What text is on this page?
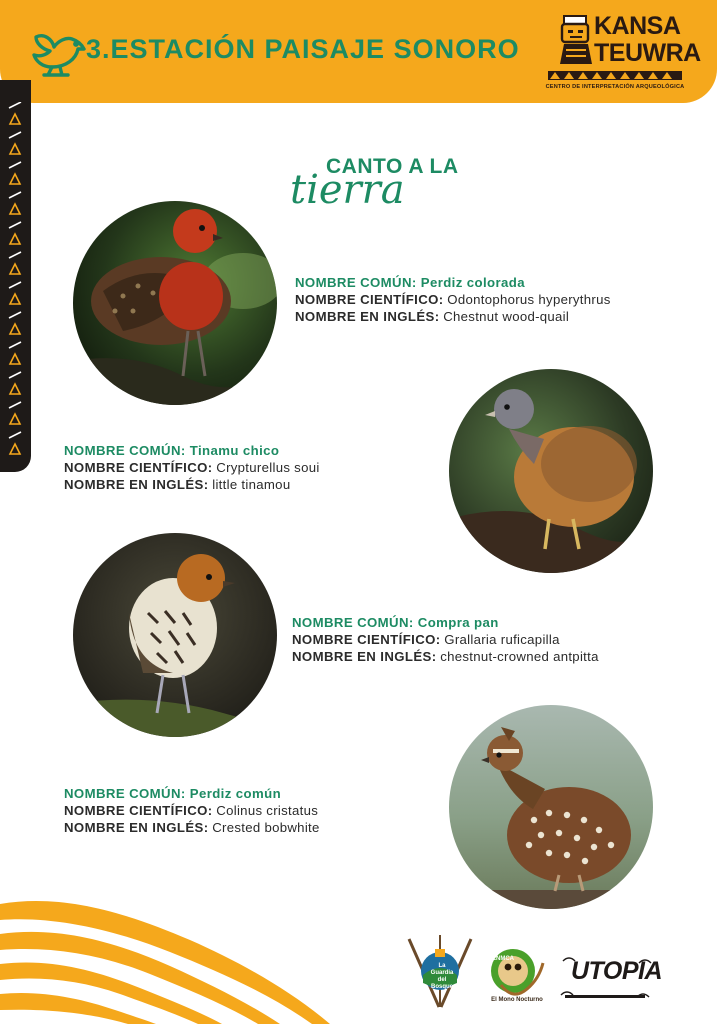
3.ESTACIÓN PAISAJE SONORO
KANSA
TEUWRA
CENTRO DE INTERPRETACIÓN ARQUEOLÓGICA
CANTO A LA
tierra
NOMBRE COMÚN: Perdiz colorada
NOMBRE CIENTÍFICO: Odontophorus hyperythrus
NOMBRE EN INGLÉS: Chestnut wood-quail
NOMBRE COMÚN: Tinamu chico
NOMBRE CIENTÍFICO: Crypturellus soui
NOMBRE EN INGLÉS: little tinamou
NOMBRE COMÚN: Compra pan
NOMBRE CIENTÍFICO: Grallaria ruficapilla
NOMBRE EN INGLÉS: chestnut-crowned antpitta
NOMBRE COMÚN: Perdiz común
NOMBRE CIENTÍFICO: Colinus cristatus
NOMBRE EN INGLÉS: Crested bobwhite
La Guardia del Bosque
ENMCA
El Mono Nocturno
UTOPIA
